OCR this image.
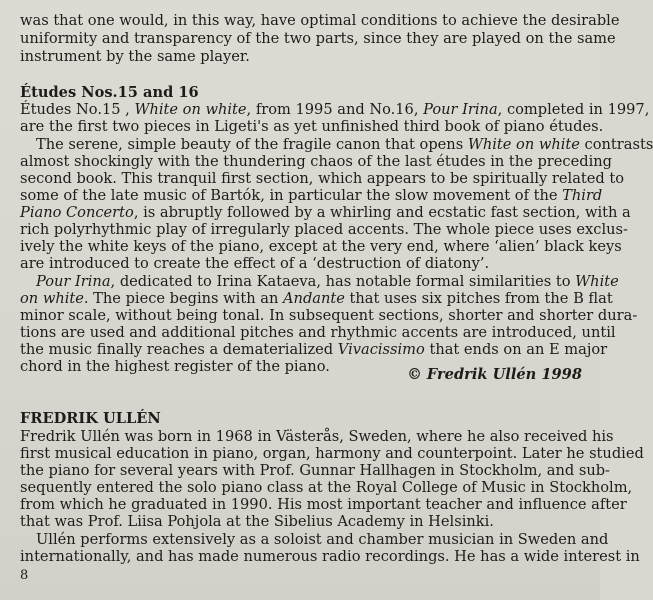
was that one would, in this way, have optimal conditions to achieve the desirable
uniformity and transparency of the two parts, since they are played on the same
instrument by the same player.
Études Nos.15 and 16
Études No.15 , White on white, from 1995 and No.16, Pour Irina, completed in 1997,
are the first two pieces in Ligeti's as yet unfinished third book of piano études.
The serene, simple beauty of the fragile canon that opens White on white contrasts
almost shockingly with the thundering chaos of the last études in the preceding
second book. This tranquil first section, which appears to be spiritually related to
some of the late music of Bartók, in particular the slow movement of the Third
Piano Concerto, is abruptly followed by a whirling and ecstatic fast section, with a
rich polyrhythmic play of irregularly placed accents. The whole piece uses exclus-
ively the white keys of the piano, except at the very end, where ‘alien’ black keys
are introduced to create the effect of a ‘destruction of diatony’.
Pour Irina, dedicated to Irina Kataeva, has notable formal similarities to White
on white. The piece begins with an Andante that uses six pitches from the B flat
minor scale, without being tonal. In subsequent sections, shorter and shorter dura-
tions are used and additional pitches and rhythmic accents are introduced, until
the music finally reaches a dematerialized Vivacissimo that ends on an E major
chord in the highest register of the piano.	© Fredrik Ullén 1998
FREDRIK ULLÉN
Fredrik Ullén was born in 1968 in Västerås, Sweden, where he also received his
first musical education in piano, organ, harmony and counterpoint. Later he studied
the piano for several years with Prof. Gunnar Hallhagen in Stockholm, and sub-
sequently entered the solo piano class at the Royal College of Music in Stockholm,
from which he graduated in 1990. His most important teacher and influence after
that was Prof. Liisa Pohjola at the Sibelius Academy in Helsinki.
Ullén performs extensively as a soloist and chamber musician in Sweden and
internationally, and has made numerous radio recordings. He has a wide interest in
8
